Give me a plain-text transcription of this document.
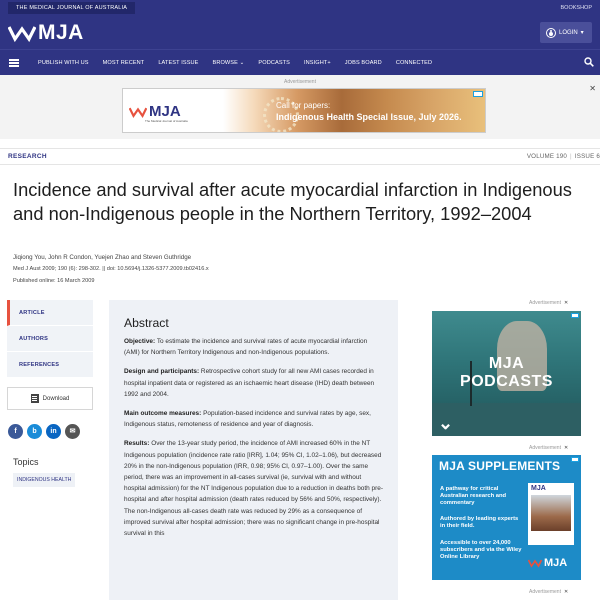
THE MEDICAL JOURNAL OF AUSTRALIA	BOOKSHOP
MJA	LOGIN ▾
PUBLISH WITH US	MOST RECENT	LATEST ISSUE	BROWSE ⌄	PODCASTS	INSIGHT+	JOBS BOARD	CONNECTED
Advertisement
✕
MJA
The Medical Journal of Australia
Call for papers:
Indigenous Health Special Issue, July 2026.
RESEARCH	VOLUME 190 | ISSUE 6
Incidence and survival after acute myocardial infarction in Indigenous and non-Indigenous people in the Northern Territory, 1992–2004
Jiqiong You, John R Condon, Yuejen Zhao and Steven Guthridge
Med J Aust 2009; 190 (6): 298-302. || doi: 10.5694/j.1326-5377.2009.tb02416.x
Published online: 16 March 2009
ARTICLE
AUTHORS
REFERENCES
Download
f	b	in	✉
Topics
INDIGENOUS HEALTH
Abstract

Objective: To estimate the incidence and survival rates of acute myocardial infarction (AMI) for Northern Territory Indigenous and non-Indigenous populations.

Design and participants: Retrospective cohort study for all new AMI cases recorded in hospital inpatient data or registered as an ischaemic heart disease (IHD) death between 1992 and 2004.

Main outcome measures: Population-based incidence and survival rates by age, sex, Indigenous status, remoteness of residence and year of diagnosis.

Results: Over the 13-year study period, the incidence of AMI increased 60% in the NT Indigenous population (incidence rate ratio [IRR], 1.04; 95% CI, 1.02–1.06), but decreased 20% in the non-Indigenous population (IRR, 0.98; 95% CI, 0.97–1.00). Over the same period, there was an improvement in all-cases survival (ie, survival with and without hospital admission) for the NT Indigenous population due to a reduction in deaths both pre-hospital and after hospital admission (death rates reduced by 56% and 50%, respectively). The non-Indigenous all-cases death rate was reduced by 29% as a consequence of improved survival after hospital admission; there was no significant change in pre-hospital survival in this

Advertisement ✕
MJA
PODCASTS
⌄
Advertisement ✕
MJA SUPPLEMENTS
A pathway for critical Australian research and commentary
Authored by leading experts in their field.
Accessible to over 24,000 subscribers and via the Wiley Online Library
MJA
MJA
Advertisement ✕
